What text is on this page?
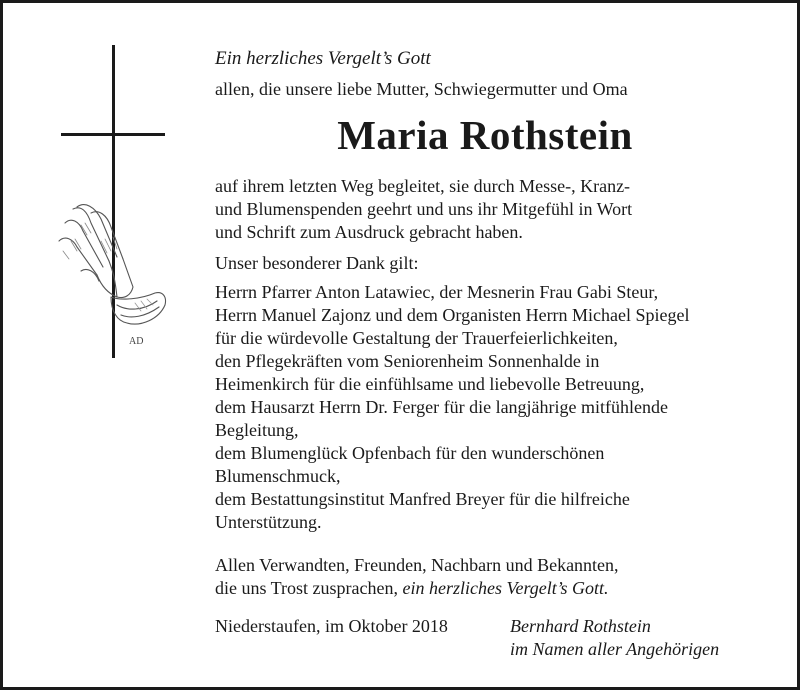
AD

Ein herzliches Vergelt’s Gott

allen, die unsere liebe Mutter, Schwiegermutter und Oma

Maria Rothstein

auf ihrem letzten Weg begleitet, sie durch Messe-, Kranz-
und Blumenspenden geehrt und uns ihr Mitgefühl in Wort
und Schrift zum Ausdruck gebracht haben.

Unser besonderer Dank gilt:

Herrn Pfarrer Anton Latawiec, der Mesnerin Frau Gabi Steur,
Herrn Manuel Zajonz und dem Organisten Herrn Michael Spiegel
für die würdevolle Gestaltung der Trauerfeierlichkeiten,
den Pflegekräften vom Seniorenheim Sonnenhalde in
Heimenkirch für die einfühlsame und liebevolle Betreuung,
dem Hausarzt Herrn Dr. Ferger für die langjährige mitfühlende
Begleitung,
dem Blumenglück Opfenbach für den wunderschönen
Blumenschmuck,
dem Bestattungsinstitut Manfred Breyer für die hilfreiche
Unterstützung.

Allen Verwandten, Freunden, Nachbarn und Bekannten,
die uns Trost zusprachen, ein herzliches Vergelt’s Gott.

Niederstaufen, im Oktober 2018	Bernhard Rothstein
im Namen aller Angehörigen
